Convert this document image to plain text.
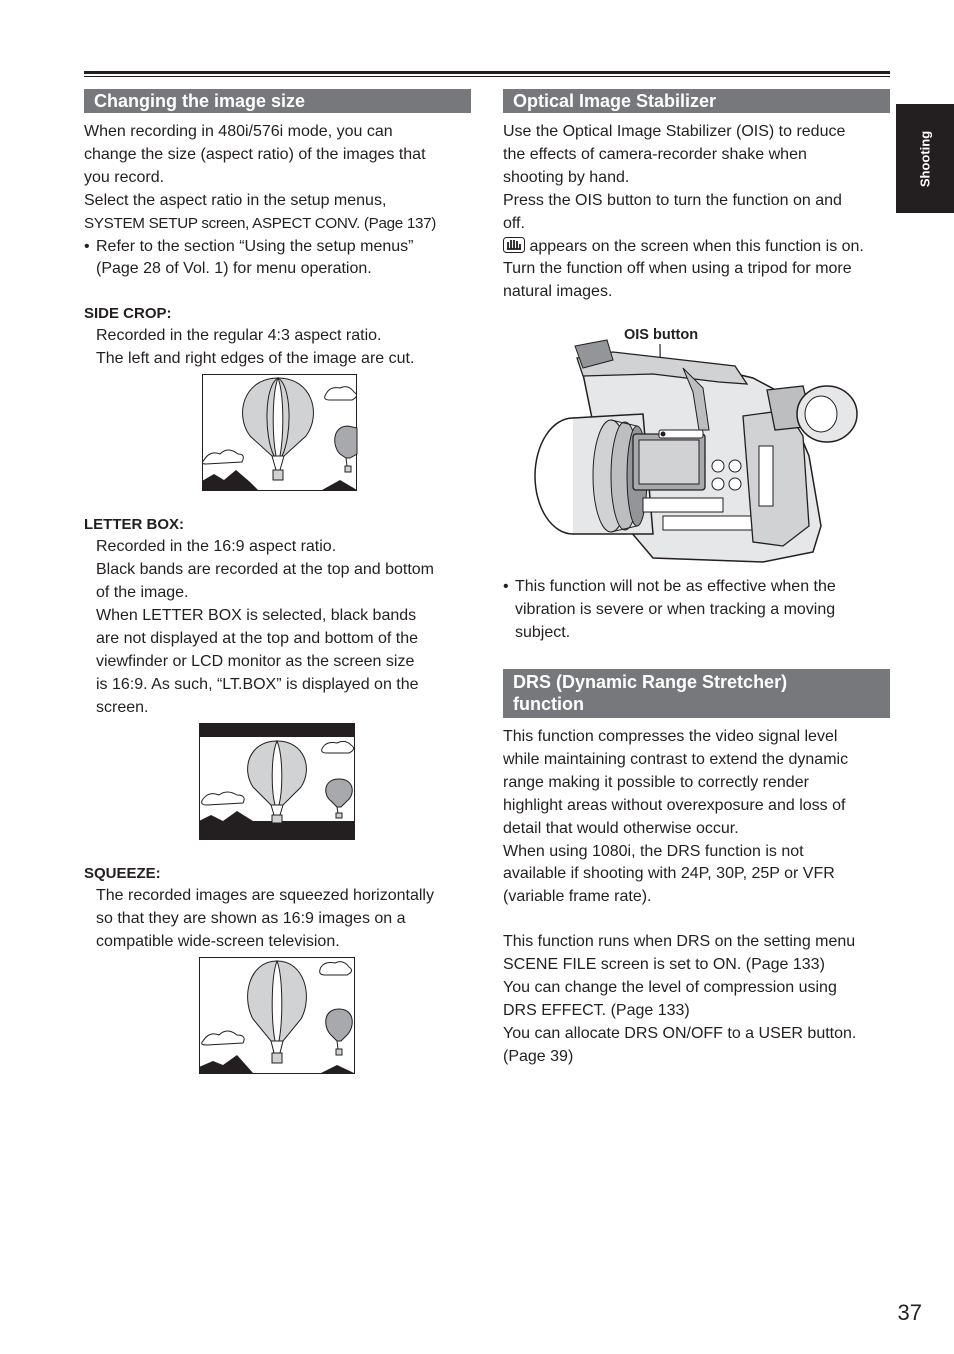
Shooting
Changing the image size

When recording in 480i/576i mode, you can

change the size (aspect ratio) of the images that

you record.

Select the aspect ratio in the setup menus,

SYSTEM SETUP screen, ASPECT CONV. (Page 137)

• Refer to the section “Using the setup menus”
(Page 28 of Vol. 1) for menu operation.

SIDE CROP:

Recorded in the regular 4:3 aspect ratio.

The left and right edges of the image are cut.

LETTER BOX:

Recorded in the 16:9 aspect ratio.

Black bands are recorded at the top and bottom

of the image.

When LETTER BOX is selected, black bands

are not displayed at the top and bottom of the

viewfinder or LCD monitor as the screen size

is 16:9. As such, “LT.BOX” is displayed on the

screen.

SQUEEZE:

The recorded images are squeezed horizontally

so that they are shown as 16:9 images on a

compatible wide-screen television.

Optical Image Stabilizer

Use the Optical Image Stabilizer (OIS) to reduce

the effects of camera-recorder shake when

shooting by hand.

Press the OIS button to turn the function on and

off.

appears on the screen when this function is on.

Turn the function off when using a tripod for more

natural images.

OIS button
• This function will not be as effective when the
vibration is severe or when tracking a moving
subject.
DRS (Dynamic Range Stretcher)
function

This function compresses the video signal level

while maintaining contrast to extend the dynamic

range making it possible to correctly render

highlight areas without overexposure and loss of

detail that would otherwise occur.

When using 1080i, the DRS function is not

available if shooting with 24P, 30P, 25P or VFR

(variable frame rate).

This function runs when DRS on the setting menu

SCENE FILE screen is set to ON. (Page 133)

You can change the level of compression using

DRS EFFECT. (Page 133)

You can allocate DRS ON/OFF to a USER button.

(Page 39)

37
